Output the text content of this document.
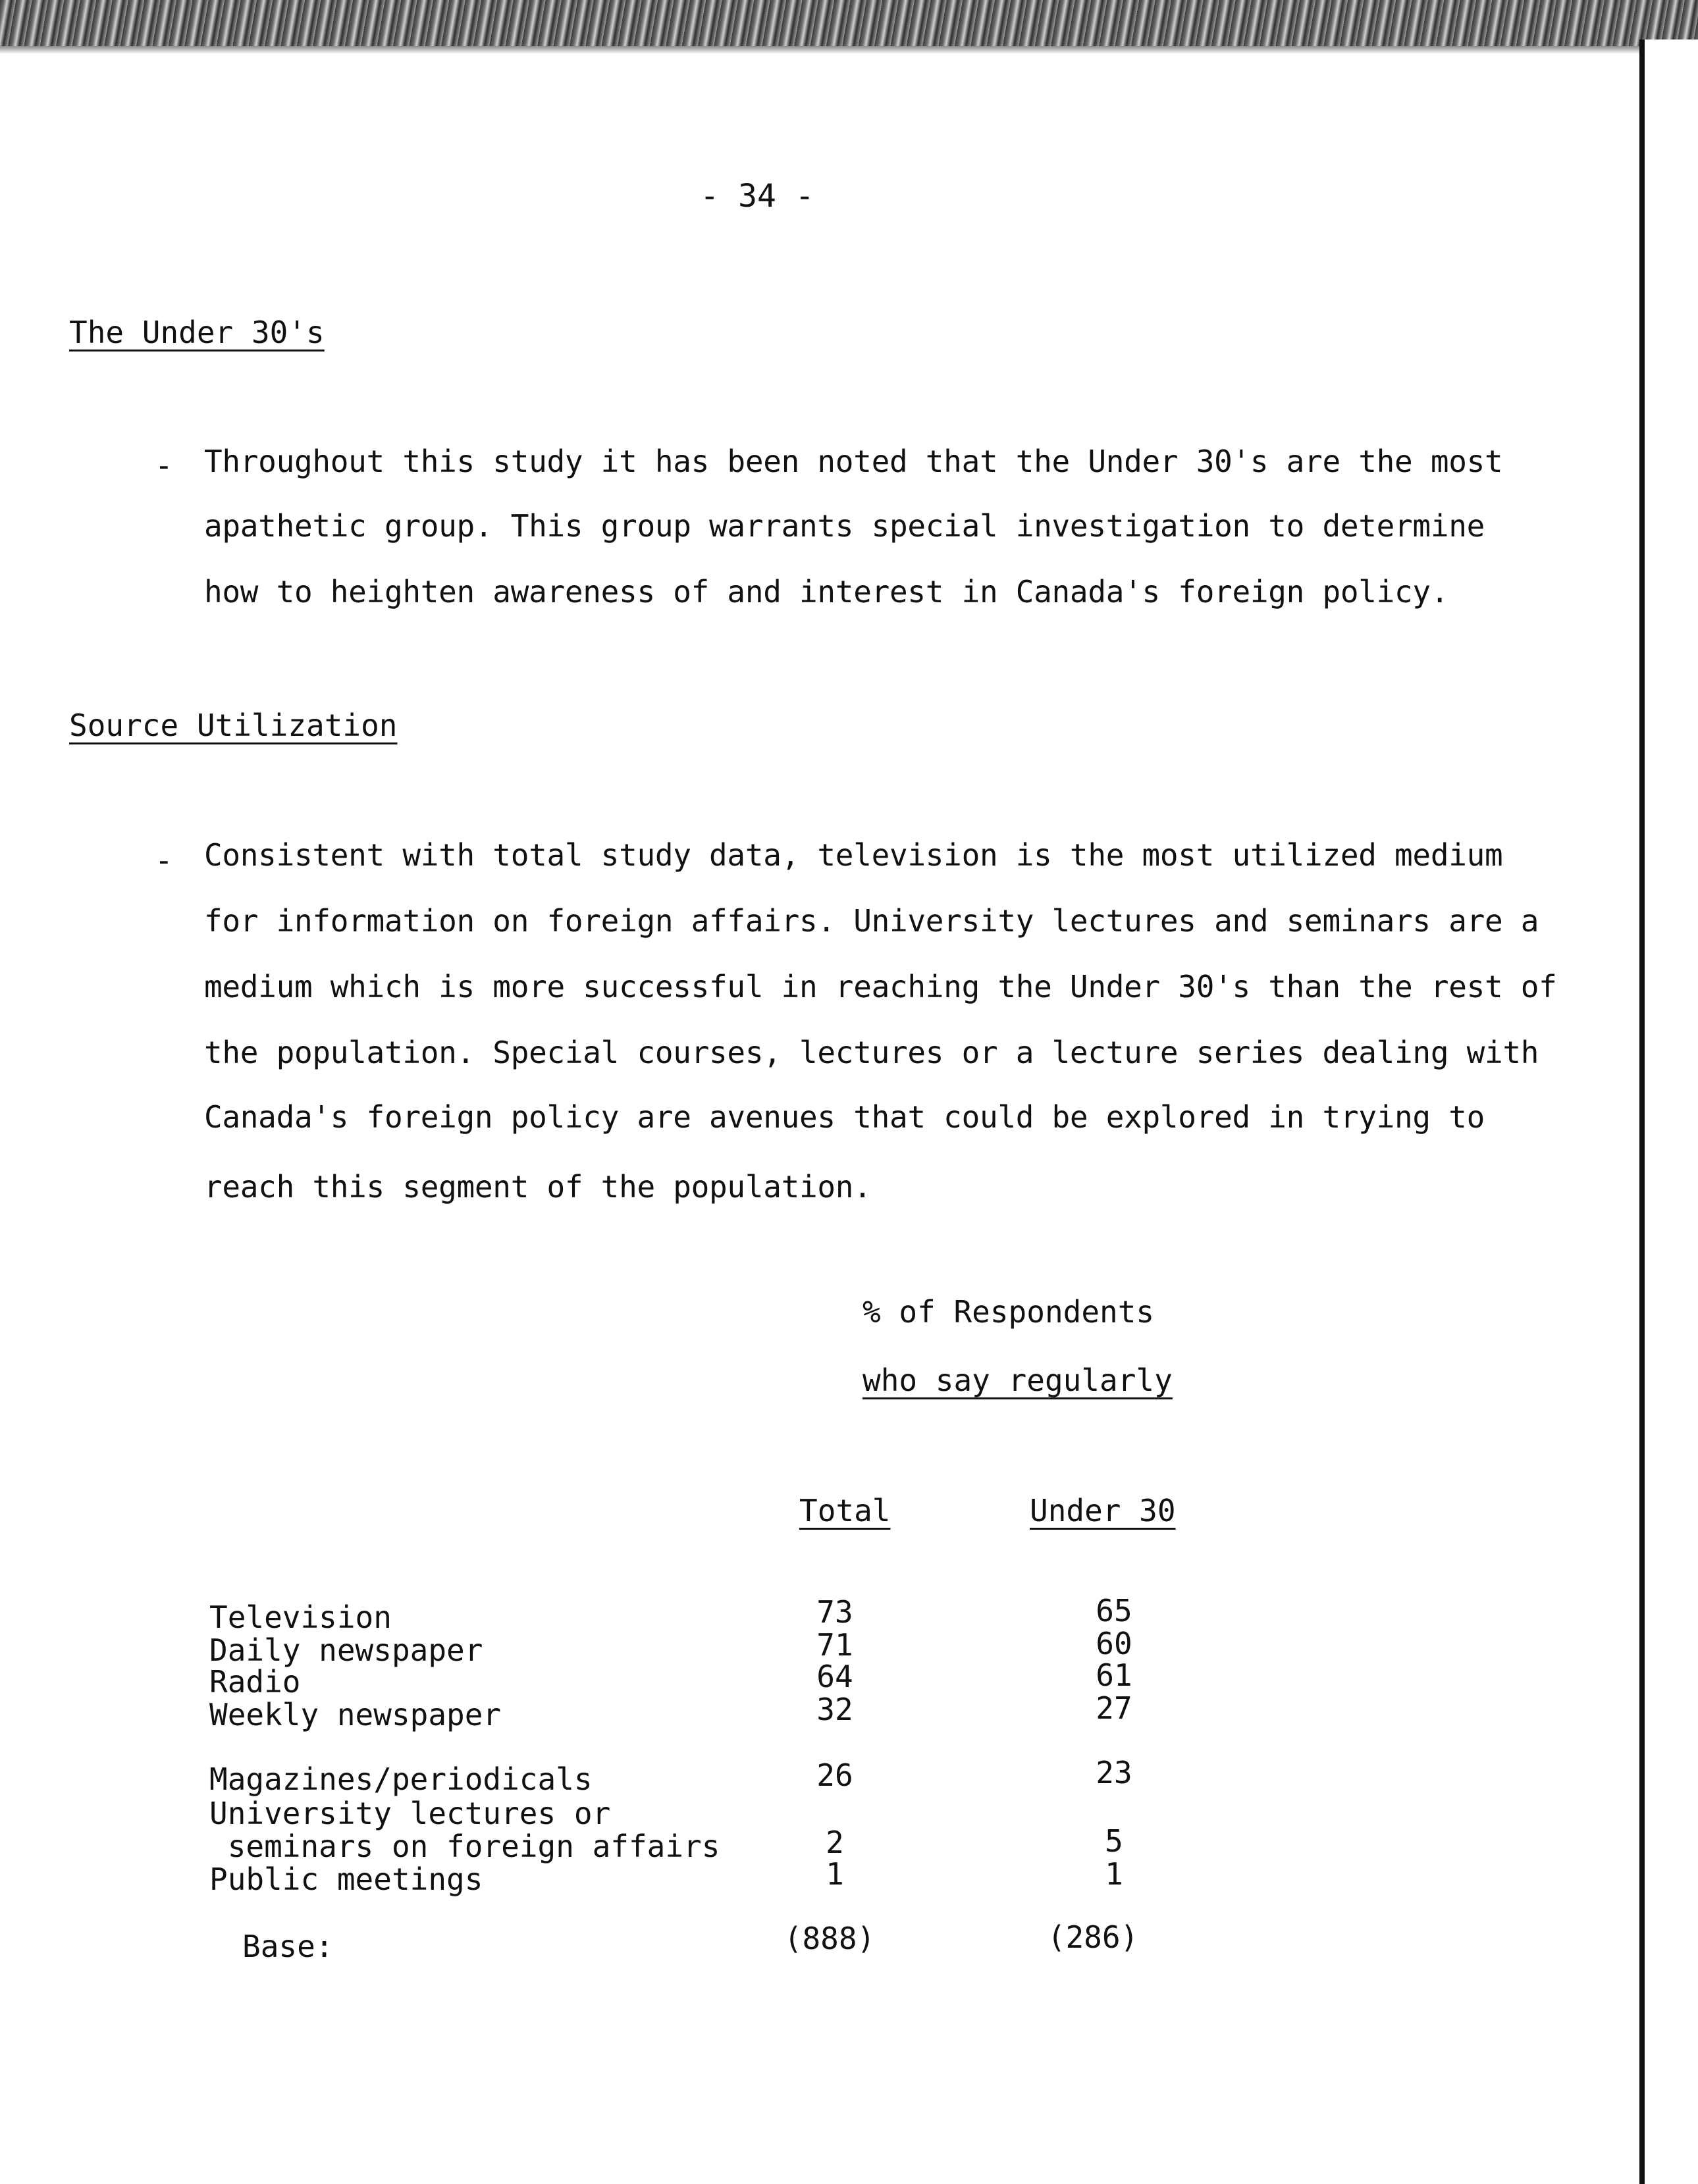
- 34 -
The Under 30's
- Throughout this study it has been noted that the Under 30's are the most
apathetic group. This group warrants special investigation to determine
how to heighten awareness of and interest in Canada's foreign policy.
Source Utilization
- Consistent with total study data, television is the most utilized medium
for information on foreign affairs. University lectures and seminars are a
medium which is more successful in reaching the Under 30's than the rest of
the population. Special courses, lectures or a lecture series dealing with
Canada's foreign policy are avenues that could be explored in trying to
reach this segment of the population.
% of Respondents
who say regularly
Total	Under 30
Television	73	65
Daily newspaper	71	60
Radio	64	61
Weekly newspaper	32	27
Magazines/periodicals	26	23
University lectures or
seminars on foreign affairs	2	5
Public meetings	1	1
Base:	(888)	(286)
